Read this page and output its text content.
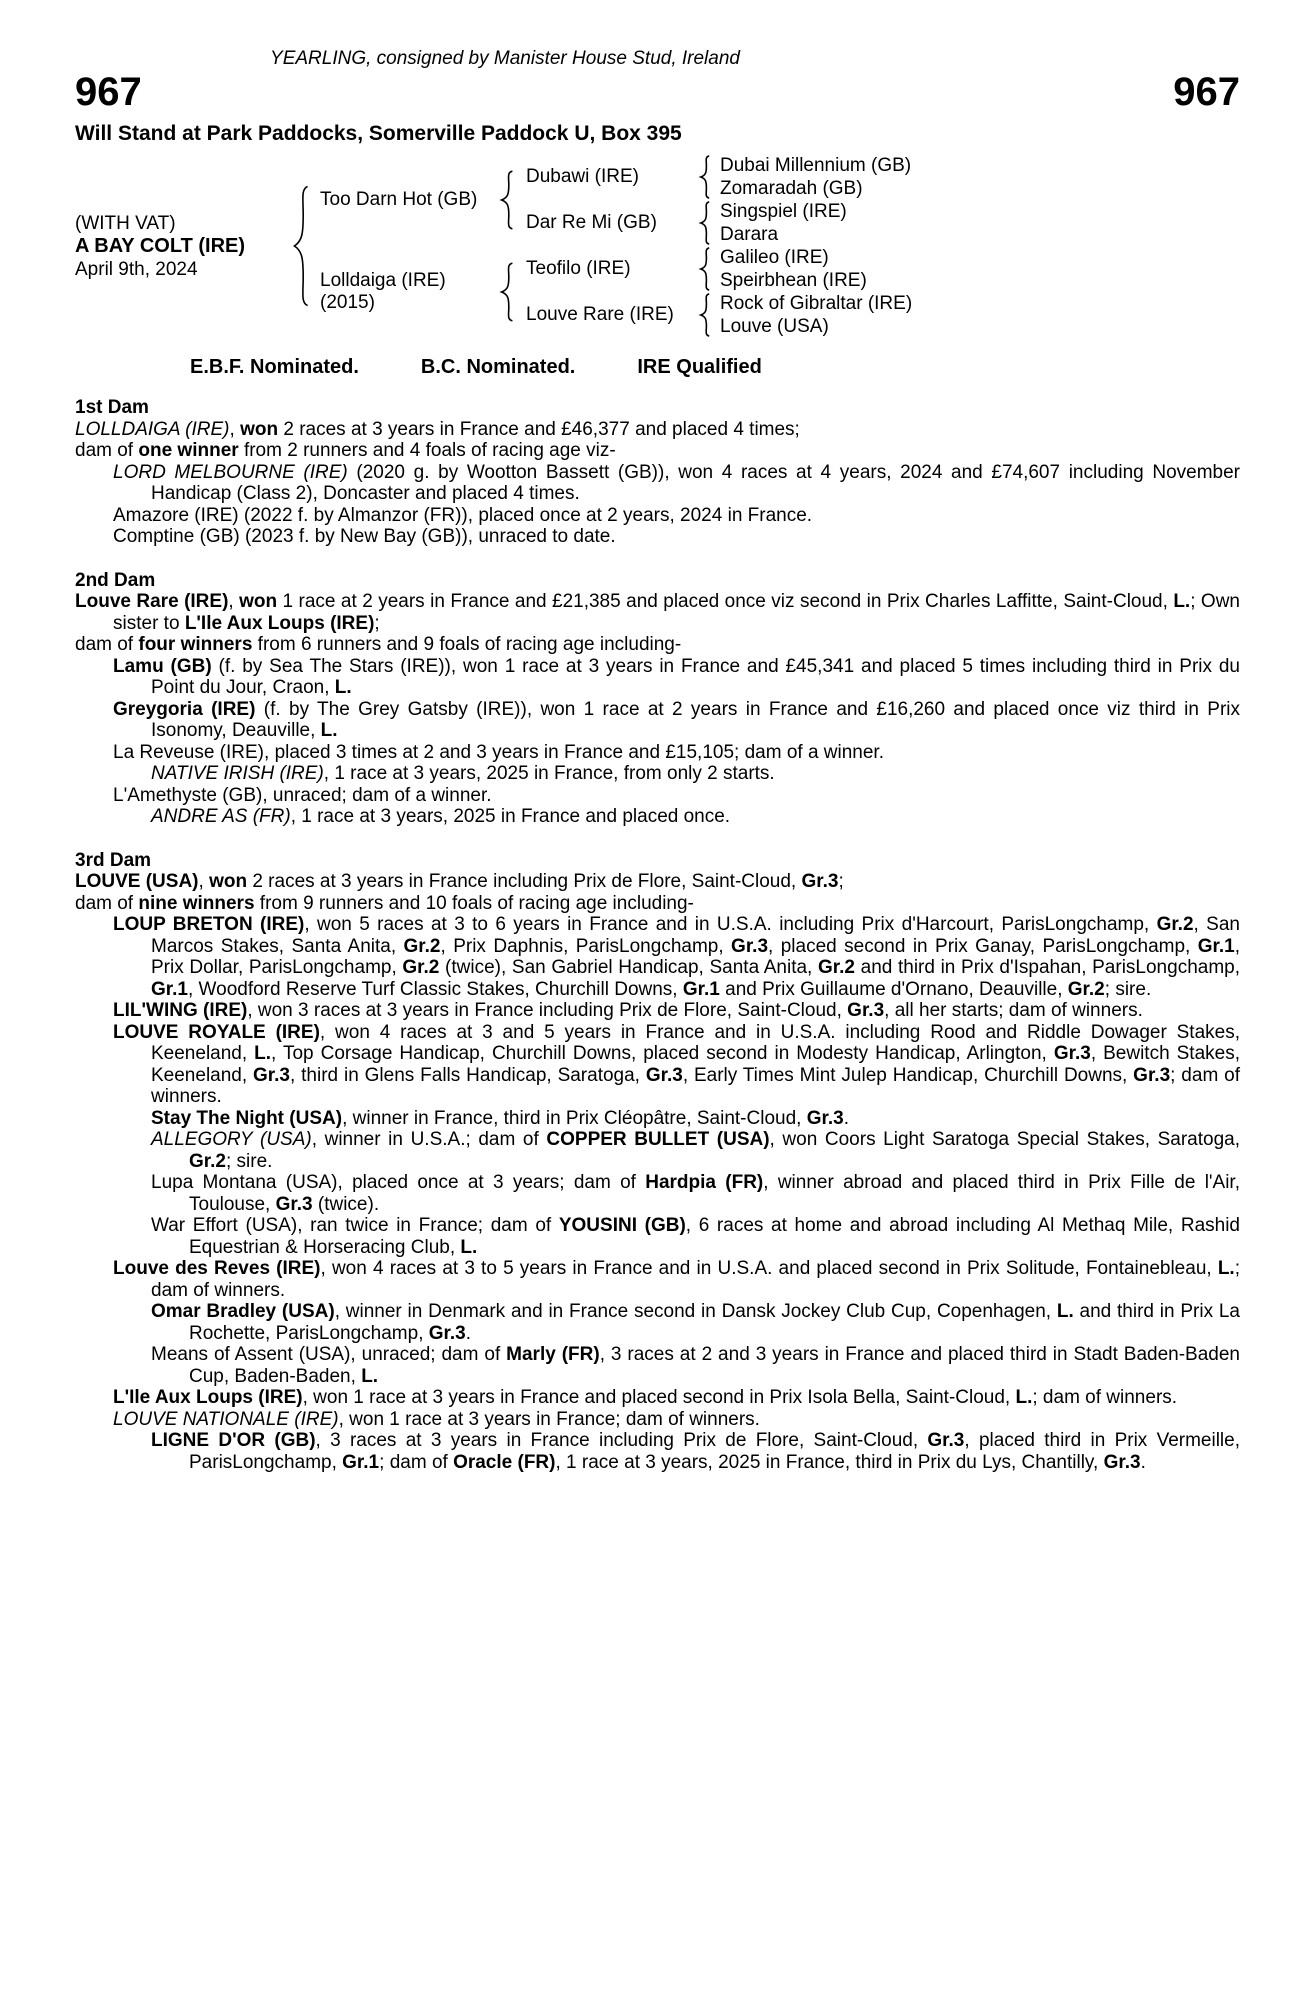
YEARLING, consigned by Manister House Stud, Ireland
967	967
Will Stand at Park Paddocks, Somerville Paddock U, Box 395
(WITH VAT)
A BAY COLT (IRE)
April 9th, 2024
Too Darn Hot (GB)
Dubawi (IRE)
Dubai Millennium (GB)
Zomaradah (GB)
Dar Re Mi (GB)
Singspiel (IRE)
Darara
Lolldaiga (IRE)
(2015)
Teofilo (IRE)
Galileo (IRE)
Speirbhean (IRE)
Louve Rare (IRE)
Rock of Gibraltar (IRE)
Louve (USA)
E.B.F. Nominated.	B.C. Nominated.	IRE Qualified
1st Dam

LOLLDAIGA (IRE), won 2 races at 3 years in France and £46,377 and placed 4 times;

dam of one winner from 2 runners and 4 foals of racing age viz-

LORD MELBOURNE (IRE) (2020 g. by Wootton Bassett (GB)), won 4 races at 4 years, 2024 and £74,607 including November Handicap (Class 2), Doncaster and placed 4 times.

Amazore (IRE) (2022 f. by Almanzor (FR)), placed once at 2 years, 2024 in France.

Comptine (GB) (2023 f. by New Bay (GB)), unraced to date.

2nd Dam

Louve Rare (IRE), won 1 race at 2 years in France and £21,385 and placed once viz second in Prix Charles Laffitte, Saint-Cloud, L.; Own sister to L'Ile Aux Loups (IRE);

dam of four winners from 6 runners and 9 foals of racing age including-

Lamu (GB) (f. by Sea The Stars (IRE)), won 1 race at 3 years in France and £45,341 and placed 5 times including third in Prix du Point du Jour, Craon, L.

Greygoria (IRE) (f. by The Grey Gatsby (IRE)), won 1 race at 2 years in France and £16,260 and placed once viz third in Prix Isonomy, Deauville, L.

La Reveuse (IRE), placed 3 times at 2 and 3 years in France and £15,105; dam of a winner.

NATIVE IRISH (IRE), 1 race at 3 years, 2025 in France, from only 2 starts.

L'Amethyste (GB), unraced; dam of a winner.

ANDRE AS (FR), 1 race at 3 years, 2025 in France and placed once.

3rd Dam

LOUVE (USA), won 2 races at 3 years in France including Prix de Flore, Saint-Cloud, Gr.3;

dam of nine winners from 9 runners and 10 foals of racing age including-

LOUP BRETON (IRE), won 5 races at 3 to 6 years in France and in U.S.A. including Prix d'Harcourt, ParisLongchamp, Gr.2, San Marcos Stakes, Santa Anita, Gr.2, Prix Daphnis, ParisLongchamp, Gr.3, placed second in Prix Ganay, ParisLongchamp, Gr.1, Prix Dollar, ParisLongchamp, Gr.2 (twice), San Gabriel Handicap, Santa Anita, Gr.2 and third in Prix d'Ispahan, ParisLongchamp, Gr.1, Woodford Reserve Turf Classic Stakes, Churchill Downs, Gr.1 and Prix Guillaume d'Ornano, Deauville, Gr.2; sire.

LIL'WING (IRE), won 3 races at 3 years in France including Prix de Flore, Saint-Cloud, Gr.3, all her starts; dam of winners.

LOUVE ROYALE (IRE), won 4 races at 3 and 5 years in France and in U.S.A. including Rood and Riddle Dowager Stakes, Keeneland, L., Top Corsage Handicap, Churchill Downs, placed second in Modesty Handicap, Arlington, Gr.3, Bewitch Stakes, Keeneland, Gr.3, third in Glens Falls Handicap, Saratoga, Gr.3, Early Times Mint Julep Handicap, Churchill Downs, Gr.3; dam of winners.

Stay The Night (USA), winner in France, third in Prix Cléopâtre, Saint-Cloud, Gr.3.

ALLEGORY (USA), winner in U.S.A.; dam of COPPER BULLET (USA), won Coors Light Saratoga Special Stakes, Saratoga, Gr.2; sire.

Lupa Montana (USA), placed once at 3 years; dam of Hardpia (FR), winner abroad and placed third in Prix Fille de l'Air, Toulouse, Gr.3 (twice).

War Effort (USA), ran twice in France; dam of YOUSINI (GB), 6 races at home and abroad including Al Methaq Mile, Rashid Equestrian & Horseracing Club, L.

Louve des Reves (IRE), won 4 races at 3 to 5 years in France and in U.S.A. and placed second in Prix Solitude, Fontainebleau, L.; dam of winners.

Omar Bradley (USA), winner in Denmark and in France second in Dansk Jockey Club Cup, Copenhagen, L. and third in Prix La Rochette, ParisLongchamp, Gr.3.

Means of Assent (USA), unraced; dam of Marly (FR), 3 races at 2 and 3 years in France and placed third in Stadt Baden-Baden Cup, Baden-Baden, L.

L'Ile Aux Loups (IRE), won 1 race at 3 years in France and placed second in Prix Isola Bella, Saint-Cloud, L.; dam of winners.

LOUVE NATIONALE (IRE), won 1 race at 3 years in France; dam of winners.

LIGNE D'OR (GB), 3 races at 3 years in France including Prix de Flore, Saint-Cloud, Gr.3, placed third in Prix Vermeille, ParisLongchamp, Gr.1; dam of Oracle (FR), 1 race at 3 years, 2025 in France, third in Prix du Lys, Chantilly, Gr.3.
